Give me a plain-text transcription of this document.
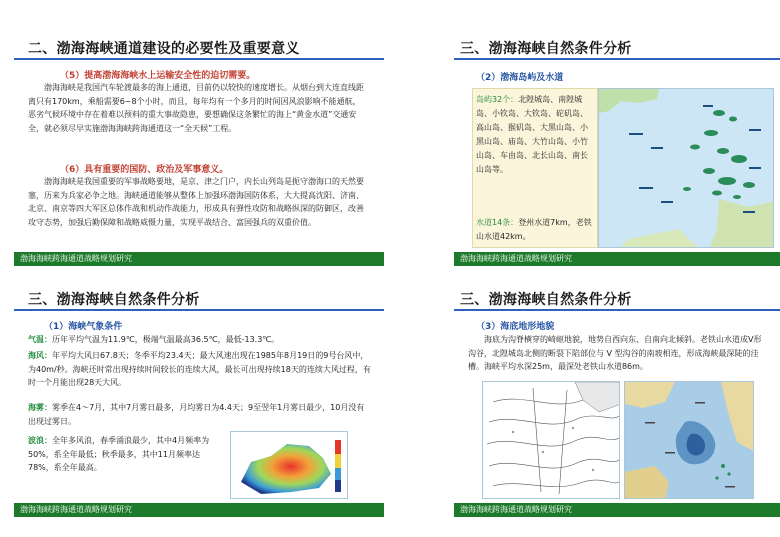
二、渤海海峡通道建设的必要性及重要意义
（5）提高渤海海峡水上运输安全性的迫切需要。
渤海海峡是我国汽车轮渡最多的海上通道，目前仍以较快的速度增长。从烟台到大连直线距离只有170km，乘船需要6~8个小时，而且，每年均有一个多月的时间因风浪影响不能通航，恶劣气候环境中存在着难以预料的重大事故隐患，要想确保这条繁忙的海上“黄金水道”交通安全，就必须尽早实施渤海海峡跨海通道这一“全天候”工程。
（6）具有重要的国防、政治及军事意义。
渤海海峡是我国重要的军事战略要地，是京、津之门户，内长山列岛是扼守渤海口的天然要塞，历来为兵家必争之地。海峡通道能够从整体上加强环渤海国防体系，大大提高沈阳、济南、北京、南京等四大军区总体作战和机动作战能力，形成具有弹性攻防和战略纵深的防御区，改善攻守态势，加强后勤保障和战略威慑力量，实现平战结合、富国强兵的双重价值。
渤海海峡跨海通道战略规划研究
三、渤海海峡自然条件分析
（2）渤海岛屿及水道
岛屿32个：北隍城岛、南隍城岛、小钦岛、大钦岛、砣矶岛、高山岛、猴矶岛、大黑山岛、小黑山岛、庙岛、大竹山岛、小竹山岛、车由岛、北长山岛、南长山岛等。
水道14条：登州水道7km，老铁山水道42km。
渤海海峡跨海通道战略规划研究
三、渤海海峡自然条件分析
（1）海峡气象条件
气温：历年平均气温为11.9℃，极端气温最高36.5℃，最低-13.3℃。
海风：年平均大风日67.8天；冬季平均23.4天；最大风速出现在1985年8月19日的9号台风中，为40m/秒。海峡还时常出现持续时间较长的连续大风，最长可出现持续18天的连续大风过程，有时一个月能出现28天大风。
海雾：雾季在4～7月，其中7月雾日最多，月均雾日为4.4天；9至翌年1月雾日最少，10月没有出现过雾日。
波浪：全年多风浪，春季涌浪最少，其中4月频率为50%，系全年最低；秋季最多，其中11月频率达78%，系全年最高。
渤海海峡跨海通道战略规划研究
三、渤海海峡自然条件分析
（3）海底地形地貌
海底为沟脊横穿的崎岖地貌，地势自西向东、自南向北倾斜。老铁山水道成V形沟谷，北隍城岛北侧的断裂下陷部位与 V 型沟谷的南坡相连，形成海峡最深陡的洼槽。海峡平均水深25m，最深处老铁山水道86m。
渤海海峡跨海通道战略规划研究
